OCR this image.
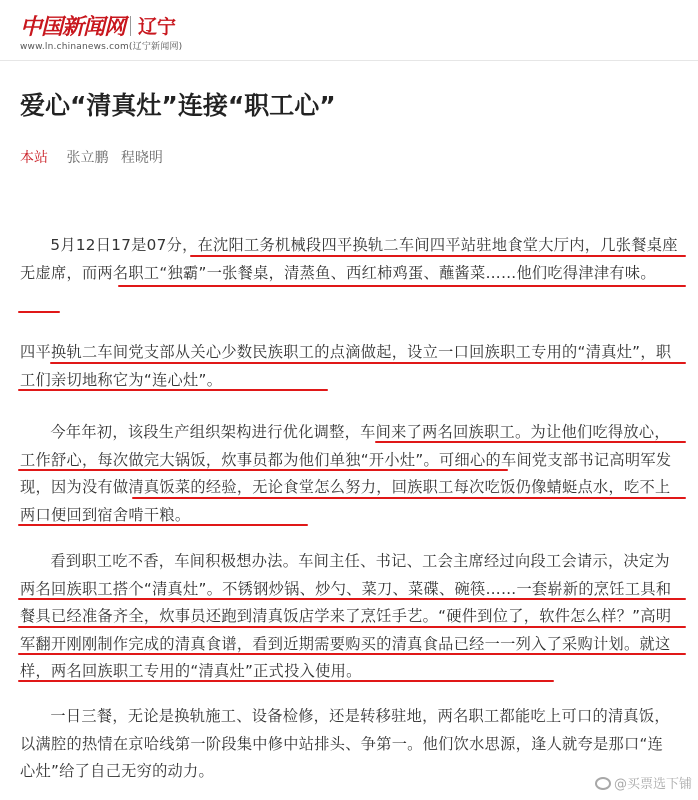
中国新闻网 辽宁
www.ln.chinanews.com(辽宁新闻网)
爱心“清真灶”连接“职工心”
本站 张立鹏 程晓明

5月12日17是07分，在沈阳工务机械段四平换轨二车间四平站驻地食堂大厅内，几张餐桌座无虚席，而两名职工“独霸”一张餐桌，清蒸鱼、西红柿鸡蛋、蘸酱菜……他们吃得津津有味。

四平换轨二车间党支部从关心少数民族职工的点滴做起，设立一口回族职工专用的“清真灶”，职工们亲切地称它为“连心灶”。

今年年初，该段生产组织架构进行优化调整，车间来了两名回族职工。为让他们吃得放心，工作舒心，每次做完大锅饭，炊事员都为他们单独“开小灶”。可细心的车间党支部书记高明军发现，因为没有做清真饭菜的经验，无论食堂怎么努力，回族职工每次吃饭仍像蜻蜓点水，吃不上两口便回到宿舍啃干粮。

看到职工吃不香，车间积极想办法。车间主任、书记、工会主席经过向段工会请示，决定为两名回族职工搭个“清真灶”。不锈钢炒锅、炒勺、菜刀、菜碟、碗筷……一套崭新的烹饪工具和餐具已经准备齐全，炊事员还跑到清真饭店学来了烹饪手艺。“硬件到位了，软件怎么样？”高明军翻开刚刚制作完成的清真食谱，看到近期需要购买的清真食品已经一一列入了采购计划。就这样，两名回族职工专用的“清真灶”正式投入使用。

一日三餐，无论是换轨施工、设备检修，还是转移驻地，两名职工都能吃上可口的清真饭，以满腔的热情在京哈线第一阶段集中修中站排头、争第一。他们饮水思源，逢人就夸是那口“连心灶”给了自己无穷的动力。

@买票选下铺
